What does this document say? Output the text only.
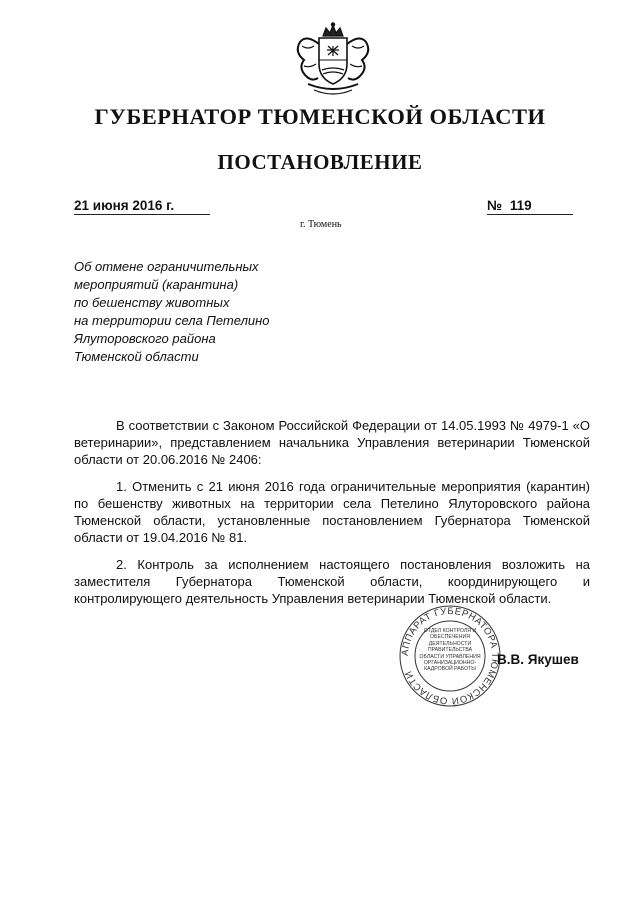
ГУБЕРНАТОР ТЮМЕНСКОЙ ОБЛАСТИ
ПОСТАНОВЛЕНИЕ
21 июня 2016 г.	№ 119
г. Тюмень
Об отмене ограничительных
мероприятий (карантина)
по бешенству животных
на территории села Петелино
Ялуторовского района
Тюменской области

В соответствии с Законом Российской Федерации от 14.05.1993 № 4979-1 «О ветеринарии», представлением начальника Управления ветеринарии Тюменской области от 20.06.2016 № 2406:

1. Отменить с 21 июня 2016 года ограничительные мероприятия (карантин) по бешенству животных на территории села Петелино Ялуторовского района Тюменской области, установленные постановлением Губернатора Тюменской области от 19.04.2016 № 81.

2. Контроль за исполнением настоящего постановления возложить на заместителя Губернатора Тюменской области, координирующего и контролирующего деятельность Управления ветеринарии Тюменской области.

АППАРАТ ГУБЕРНАТОРА ТЮМЕНСКОЙ ОБЛАСТИ
ОТДЕЛ КОНТРОЛЯ И ОБЕСПЕЧЕНИЯ ДЕЯТЕЛЬНОСТИ ПРАВИТЕЛЬСТВА ОБЛАСТИ УПРАВЛЕНИЯ ОРГАНИЗАЦИОННО-КАДРОВОЙ РАБОТЫ
В.В. Якушев
